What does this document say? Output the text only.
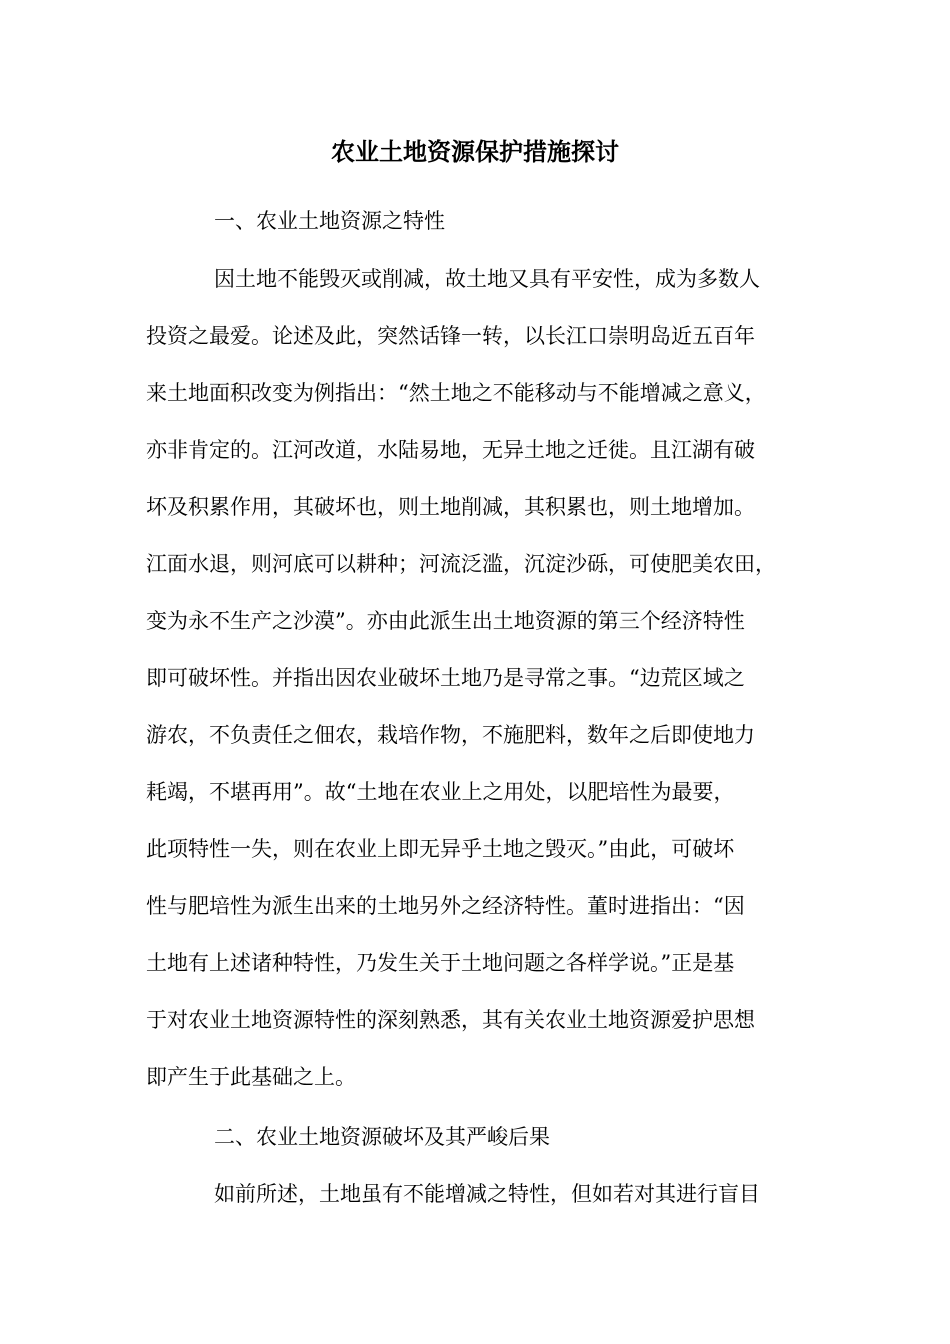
农业土地资源保护措施探讨
一、农业土地资源之特性
因土地不能毁灭或削减，故土地又具有平安性，成为多数人
投资之最爱。论述及此，突然话锋一转，以长江口崇明岛近五百年
来土地面积改变为例指出：“然土地之不能移动与不能增减之意义，
亦非肯定的。江河改道，水陆易地，无异土地之迁徙。且江湖有破
坏及积累作用，其破坏也，则土地削减，其积累也，则土地增加。
江面水退，则河底可以耕种；河流泛滥，沉淀沙砾，可使肥美农田，
变为永不生产之沙漠”。亦由此派生出土地资源的第三个经济特性
即可破坏性。并指出因农业破坏土地乃是寻常之事。“边荒区域之
游农，不负责任之佃农，栽培作物，不施肥料，数年之后即使地力
耗竭，不堪再用”。故“土地在农业上之用处，以肥培性为最要，
此项特性一失，则在农业上即无异乎土地之毁灭。”由此，可破坏
性与肥培性为派生出来的土地另外之经济特性。董时进指出：“因
土地有上述诸种特性，乃发生关于土地问题之各样学说。”正是基
于对农业土地资源特性的深刻熟悉，其有关农业土地资源爱护思想
即产生于此基础之上。
二、农业土地资源破坏及其严峻后果
如前所述，土地虽有不能增减之特性，但如若对其进行盲目
